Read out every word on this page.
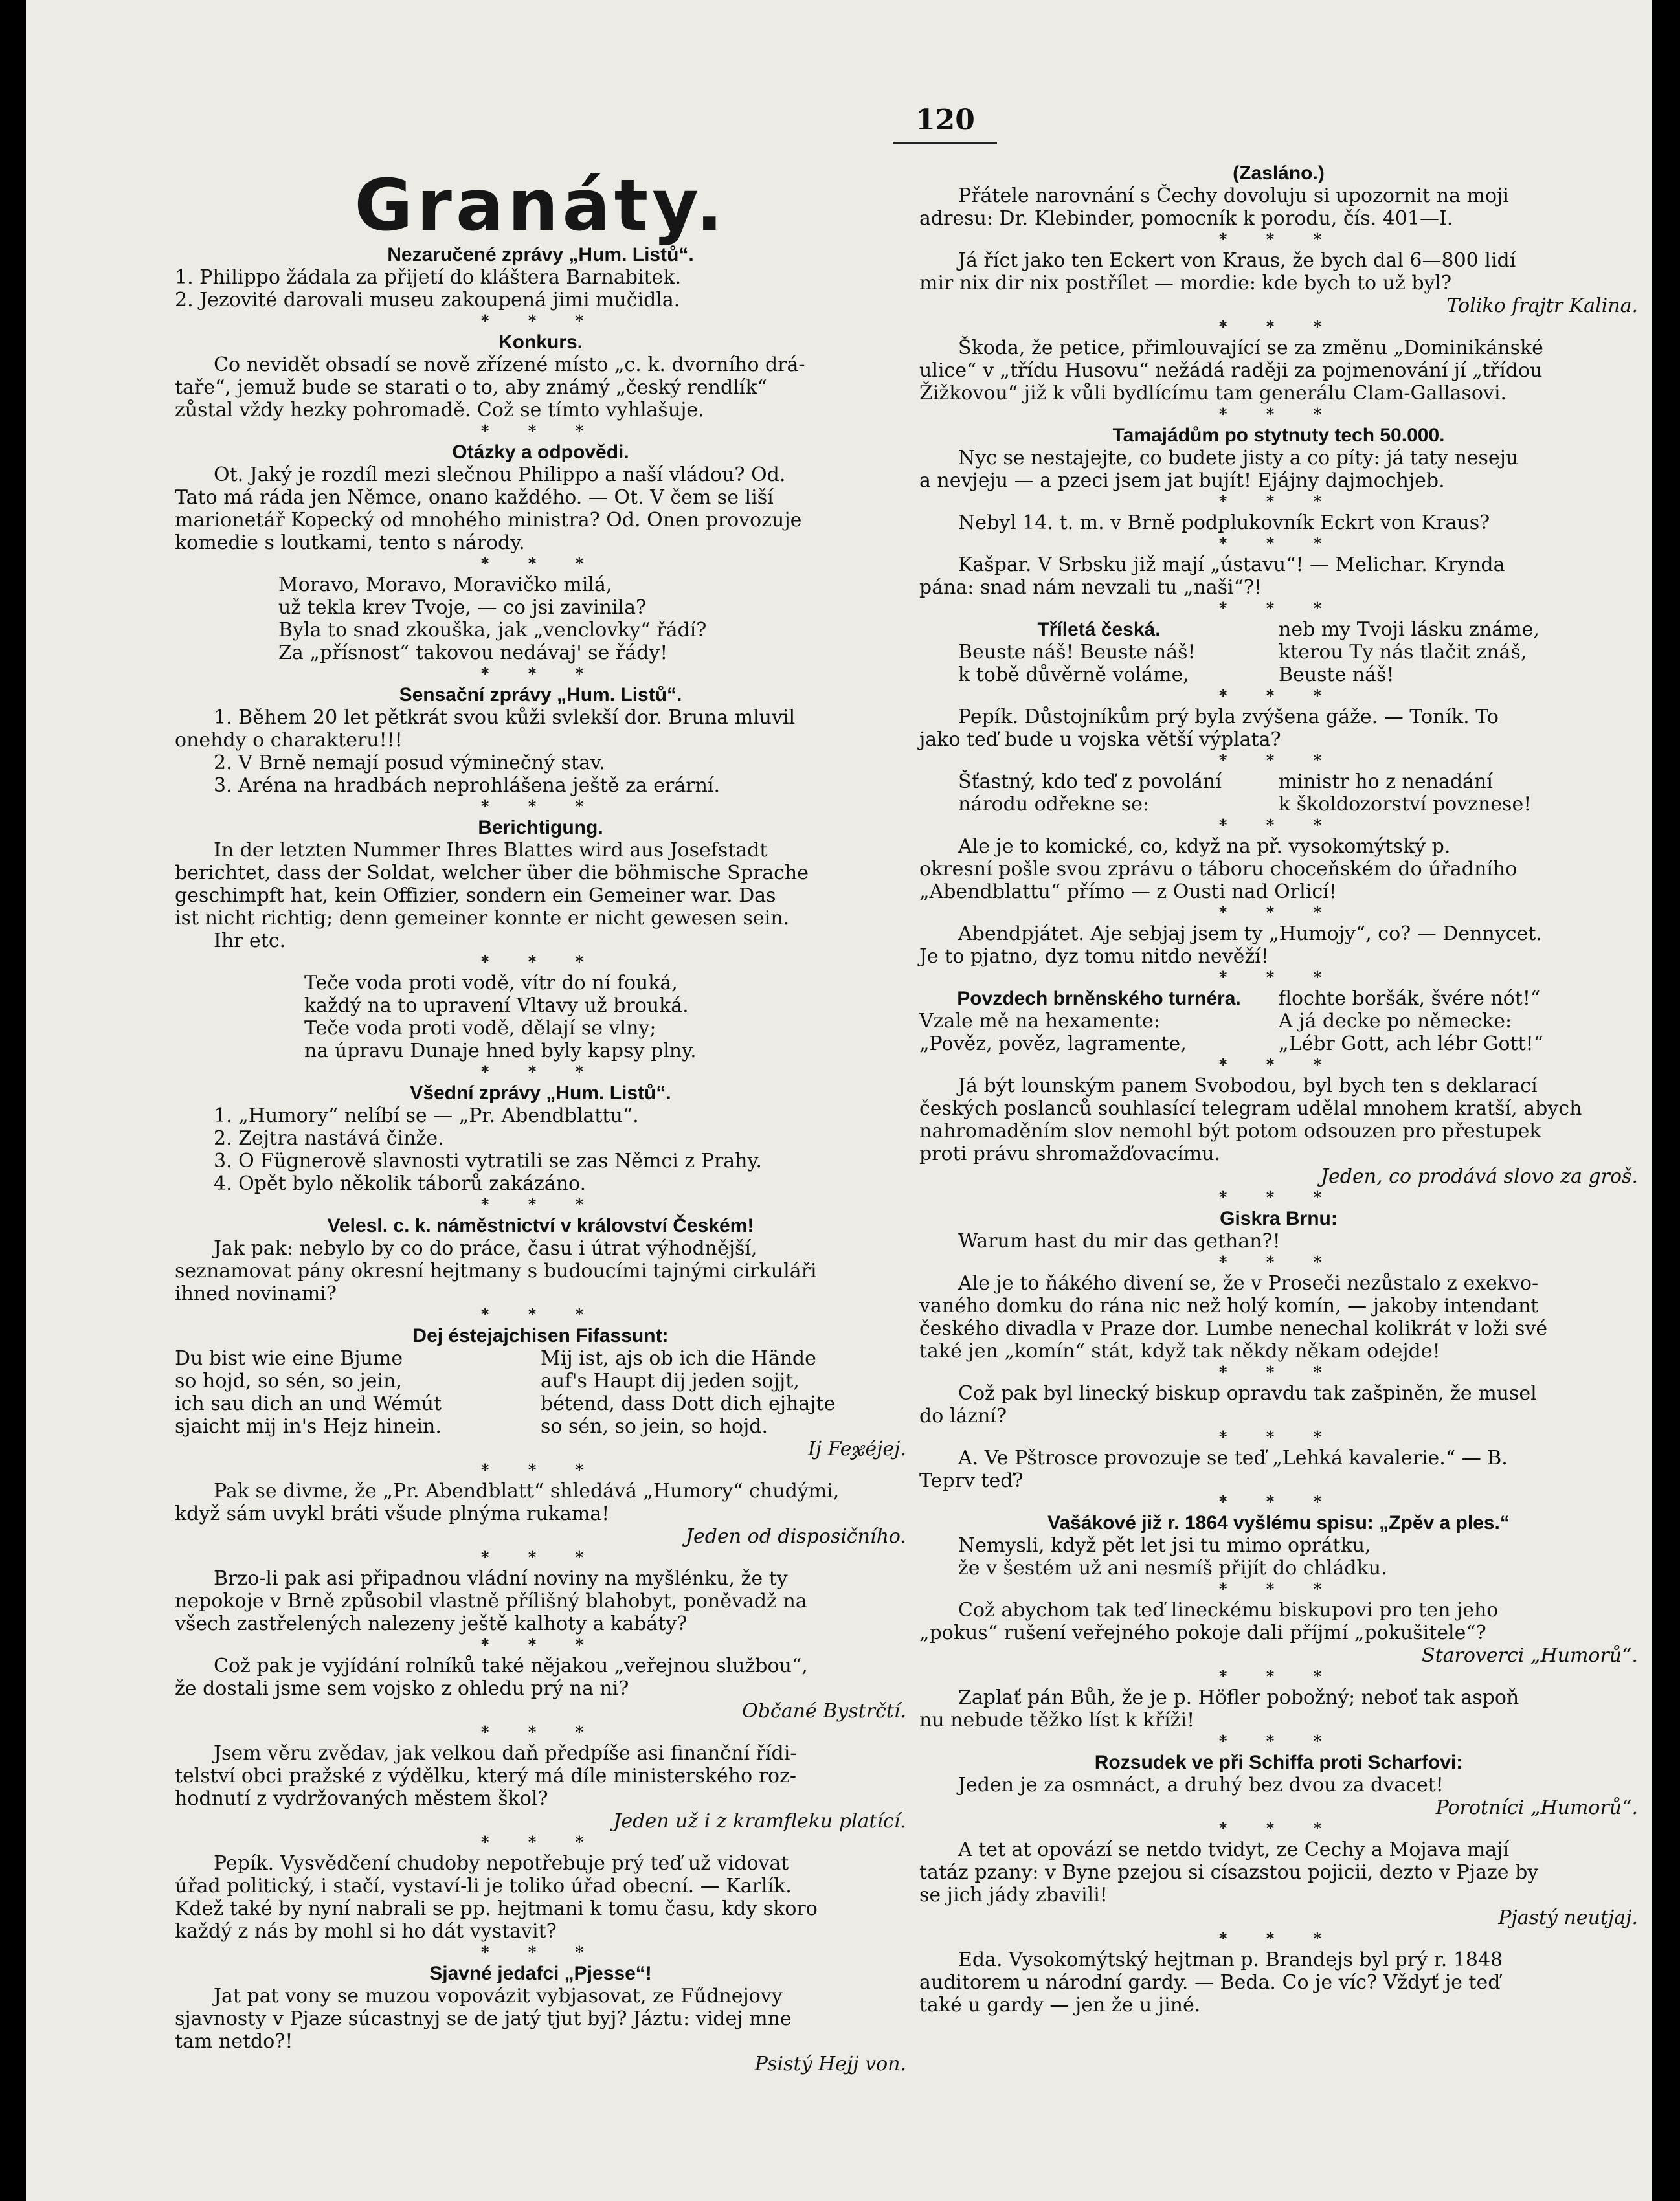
120
Granáty.

Nezaručené zprávy „Hum. Listů“.

1. Philippo žádala za přijetí do kláštera Barnabitek.

2. Jezovité darovali museu zakoupená jimi mučidla.

* * *

Konkurs.

Co nevidět obsadí se nově zřízené místo „c. k. dvorního drá-

taře“, jemuž bude se starati o to, aby známý „český rendlík“

zůstal vždy hezky pohromadě. Což se tímto vyhlašuje.

* * *

Otázky a odpovědi.

Ot. Jaký je rozdíl mezi slečnou Philippo a naší vládou? Od.

Tato má ráda jen Němce, onano každého. — Ot. V čem se liší

marionetář Kopecký od mnohého ministra? Od. Onen provozuje

komedie s loutkami, tento s národy.

* * *

Moravo, Moravo, Moravičko milá,

už tekla krev Tvoje, — co jsi zavinila?

Byla to snad zkouška, jak „venclovky“ řádí?

Za „přísnost“ takovou nedávaj' se řády!

* * *

Sensační zprávy „Hum. Listů“.

1. Během 20 let pětkrát svou kůži svlekší dor. Bruna mluvil

onehdy o charakteru!!!

2. V Brně nemají posud výminečný stav.

3. Aréna na hradbách neprohlášena ještě za erární.

* * *

Berichtigung.

In der letzten Nummer Ihres Blattes wird aus Josefstadt

berichtet, dass der Soldat, welcher über die böhmische Sprache

geschimpft hat, kein Offizier, sondern ein Gemeiner war. Das

ist nicht richtig; denn gemeiner konnte er nicht gewesen sein.

Ihr etc.

* * *

Teče voda proti vodě, vítr do ní fouká,

každý na to upravení Vltavy už brouká.

Teče voda proti vodě, dělají se vlny;

na úpravu Dunaje hned byly kapsy plny.

* * *

Všední zprávy „Hum. Listů“.

1. „Humory“ nelíbí se — „Pr. Abendblattu“.

2. Zejtra nastává činže.

3. O Fügnerově slavnosti vytratili se zas Němci z Prahy.

4. Opět bylo několik táborů zakázáno.

* * *

Velesl. c. k. náměstnictví v království Českém!

Jak pak: nebylo by co do práce, času i útrat výhodnější,

seznamovat pány okresní hejtmany s budoucími tajnými cirkuláři

ihned novinami?

* * *

Dej éstejajchisen Fifassunt:

Du bist wie eine Bjume

so hojd, so sén, so jein,

ich sau dich an und Wémút

sjaicht mij in's Hejz hinein.

Mij ist, ajs ob ich die Hände

auf's Haupt dij jeden sojjt,

bétend, dass Dott dich ejhajte

so sén, so jein, so hojd.

Ij Feჯéjej.

* * *

Pak se divme, že „Pr. Abendblatt“ shledává „Humory“ chudými,

když sám uvykl bráti všude plnýma rukama!

Jeden od disposičního.

* * *

Brzo-li pak asi připadnou vládní noviny na myšlénku, že ty

nepokoje v Brně způsobil vlastně přílišný blahobyt, poněvadž na

všech zastřelených nalezeny ještě kalhoty a kabáty?

* * *

Což pak je vyjídání rolníků také nějakou „veřejnou službou“,

že dostali jsme sem vojsko z ohledu prý na ni?

Občané Bystrčtí.

* * *

Jsem věru zvědav, jak velkou daň předpíše asi finanční řídi-

telství obci pražské z výdělku, který má díle ministerského roz-

hodnutí z vydržovaných městem škol?

Jeden už i z kramfleku platící.

* * *

Pepík. Vysvědčení chudoby nepotřebuje prý teď už vidovat

úřad politický, i stačí, vystaví-li je toliko úřad obecní. — Karlík.

Kdež také by nyní nabrali se pp. hejtmani k tomu času, kdy skoro

každý z nás by mohl si ho dát vystavit?

* * *

Sjavné jedafci „Pjesse“!

Jat pat vony se muzou vopovázit vybjasovat, ze Fűdnejovy

sjavnosty v Pjaze súcastnyj se de jatý tjut byj? Jáztu: videj mne

tam netdo?!

Psistý Hejj von.

(Zasláno.)

Přátele narovnání s Čechy dovoluju si upozornit na moji

adresu: Dr. Klebinder, pomocník k porodu, čís. 401—I.

* * *

Já říct jako ten Eckert von Kraus, že bych dal 6—800 lidí

mir nix dir nix postřílet — mordie: kde bych to už byl?

Toliko frajtr Kalina.

* * *

Škoda, že petice, přimlouvající se za změnu „Dominikánské

ulice“ v „třídu Husovu“ nežádá raději za pojmenování jí „třídou

Žižkovou“ již k vůli bydlícímu tam generálu Clam-Gallasovi.

* * *

Tamajádům po stytnuty tech 50.000.

Nyc se nestajejte, co budete jisty a co píty: já taty neseju

a nevjeju — a pzeci jsem jat bujít! Ejájny dajmochjeb.

* * *

Nebyl 14. t. m. v Brně podplukovník Eckrt von Kraus?

* * *

Kašpar. V Srbsku již mají „ústavu“! — Melichar. Kryndа

pána: snad nám nevzali tu „naši“?!

* * *

Tříletá česká.

Beuste náš! Beuste náš!

k tobě důvěrně voláme,

neb my Tvoji lásku známe,

kterou Ty nás tlačit znáš,

Beuste náš!

* * *

Pepík. Důstojníkům prý byla zvýšena gáže. — Toník. To

jako teď bude u vojska větší výplata?

* * *

Šťastný, kdo teď z povolání

národu odřekne se:

ministr ho z nenadání

k školdozorství povznese!

* * *

Ale je to komické, co, když na př. vysokomýtský p.

okresní pošle svou zprávu o táboru choceňském do úřadního

„Abendblattu“ přímo — z Ousti nad Orlicí!

* * *

Abendpjátet. Aje sebjaj jsem ty „Humojy“, co? — Dennycet.

Je to pjatno, dyz tomu nitdo nevěží!

* * *

Povzdech brněnského turnéra.

Vzale mě na hexamente:

„Pověz, pověz, lagramente,

flochte boršák, švére nót!“

A já decke po německe:

„Lébr Gott, ach lébr Gott!“

* * *

Já být lounským panem Svobodou, byl bych ten s deklarací

českých poslanců souhlasící telegram udělal mnohem kratší, abych

nahromaděním slov nemohl být potom odsouzen pro přestupek

proti právu shromažďovacímu.

Jeden, co prodává slovo za groš.

* * *

Giskra Brnu:

Warum hast du mir das gethan?!

* * *

Ale je to ňákého divení se, že v Proseči nezůstalo z exekvo-

vaného domku do rána nic než holý komín, — jakoby intendant

českého divadla v Praze dor. Lumbe nenechal kolikrát v loži své

také jen „komín“ stát, když tak někdy někam odejde!

* * *

Což pak byl linecký biskup opravdu tak zašpiněn, že musel

do lázní?

* * *

A. Ve Pštrosce provozuje se teď „Lehká kavalerie.“ — B.

Teprv teď?

* * *

Vašákové již r. 1864 vyšlému spisu: „Zpěv a ples.“

Nemysli, když pět let jsi tu mimo oprátku,

že v šestém už ani nesmíš přijít do chládku.

* * *

Což abychom tak teď lineckému biskupovi pro ten jeho

„pokus“ rušení veřejného pokoje dali příjmí „pokušitele“?

Staroverci „Humorů“.

* * *

Zaplať pán Bůh, že je p. Höfler pobožný; neboť tak aspoň

nu nebude těžko líst k kříži!

* * *

Rozsudek ve při Schiffa proti Scharfovi:

Jeden je za osmnáct, a druhý bez dvou za dvacet!

Porotníci „Humorů“.

* * *

A tet at opovází se netdo tvidyt, ze Cechy a Mojava mají

tatáz pzany: v Byne pzejou si císazstou pojicii, dezto v Pjaze by

se jich jády zbavili!

Pjastý neutjaj.

* * *

Eda. Vysokomýtský hejtman p. Brandejs byl prý r. 1848

auditorem u národní gardy. — Beda. Co je víc? Vždyť je teď

také u gardy — jen že u jiné.
